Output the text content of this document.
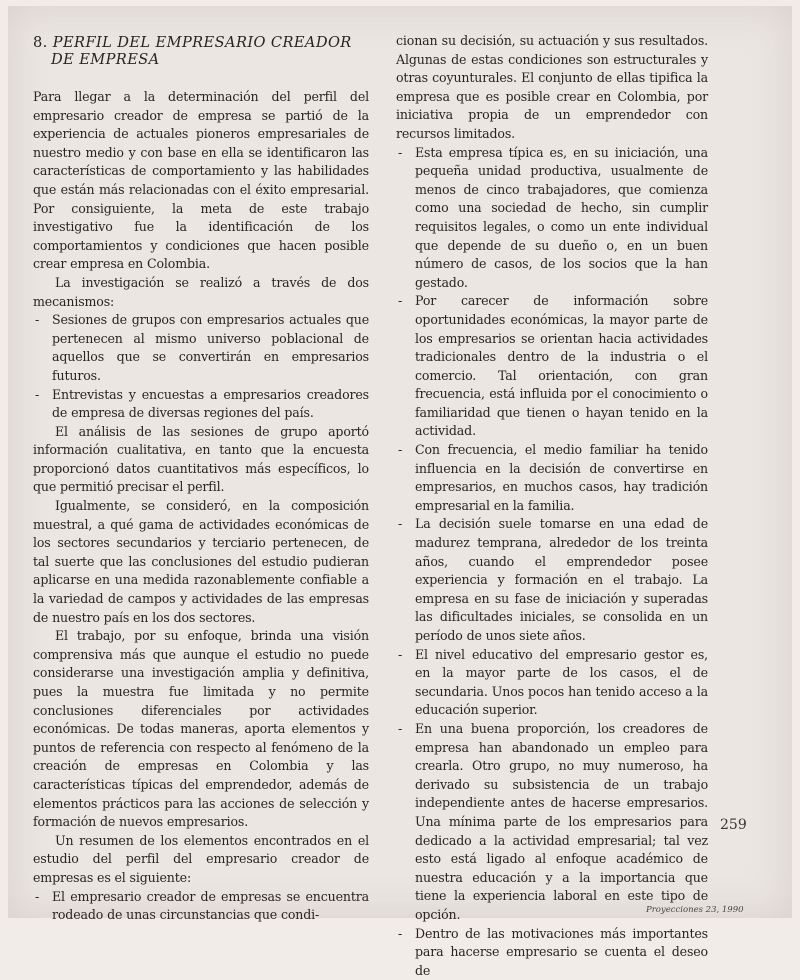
8. PERFIL DEL EMPRESARIO CREADOR
DE EMPRESA

Para llegar a la determinación del perfil del empresario creador de empresa se partió de la experiencia de actuales pioneros empresariales de nuestro medio y con base en ella se identificaron las características de comportamiento y las habilidades que están más relacionadas con el éxito empresarial. Por consiguiente, la meta de este trabajo investigativo fue la identificación de los comportamientos y condiciones que hacen posible crear empresa en Colombia.

La investigación se realizó a través de dos mecanismos:

- Sesiones de grupos con empresarios actuales que pertenecen al mismo universo poblacional de aquellos que se convertirán en empresarios futuros.
- Entrevistas y encuestas a empresarios creadores de empresa de diversas regiones del país.

El análisis de las sesiones de grupo aportó información cualitativa, en tanto que la encuesta proporcionó datos cuantitativos más específicos, lo que permitió precisar el perfil.

Igualmente, se consideró, en la composición muestral, a qué gama de actividades económicas de los sectores secundarios y terciario pertenecen, de tal suerte que las conclusiones del estudio pudieran aplicarse en una medida razonablemente confiable a la variedad de campos y actividades de las empresas de nuestro país en los dos sectores.

El trabajo, por su enfoque, brinda una visión comprensiva más que aunque el estudio no puede considerarse una investigación amplia y definitiva, pues la muestra fue limitada y no permite conclusiones diferenciales por actividades económicas. De todas maneras, aporta elementos y puntos de referencia con respecto al fenómeno de la creación de empresas en Colombia y las características típicas del emprendedor, además de elementos prácticos para las acciones de selección y formación de nuevos empresarios.

Un resumen de los elementos encontrados en el estudio del perfil del empresario creador de empresas es el siguiente:

- El empresario creador de empresas se encuentra rodeado de unas circunstancias que condi-

cionan su decisión, su actuación y sus resultados. Algunas de estas condiciones son estructurales y otras coyunturales. El conjunto de ellas tipifica la empresa que es posible crear en Colombia, por iniciativa propia de un emprendedor con recursos limitados.

- Esta empresa típica es, en su iniciación, una pequeña unidad productiva, usualmente de menos de cinco trabajadores, que comienza como una sociedad de hecho, sin cumplir requisitos legales, o como un ente individual que depende de su dueño o, en un buen número de casos, de los socios que la han gestado.
- Por carecer de información sobre oportunidades económicas, la mayor parte de los empresarios se orientan hacia actividades tradicionales dentro de la industria o el comercio. Tal orientación, con gran frecuencia, está influida por el conocimiento o familiaridad que tienen o hayan tenido en la actividad.
- Con frecuencia, el medio familiar ha tenido influencia en la decisión de convertirse en empresarios, en muchos casos, hay tradición empresarial en la familia.
- La decisión suele tomarse en una edad de madurez temprana, alrededor de los treinta años, cuando el emprendedor posee experiencia y formación en el trabajo. La empresa en su fase de iniciación y superadas las dificultades iniciales, se consolida en un período de unos siete años.
- El nivel educativo del empresario gestor es, en la mayor parte de los casos, el de secundaria. Unos pocos han tenido acceso a la educación superior.
- En una buena proporción, los creadores de empresa han abandonado un empleo para crearla. Otro grupo, no muy numeroso, ha derivado su subsistencia de un trabajo independiente antes de hacerse empresarios. Una mínima parte de los empresarios para dedicado a la actividad empresarial; tal vez esto está ligado al enfoque académico de nuestra educación y a la importancia que tiene la experiencia laboral en este tipo de opción.
- Dentro de las motivaciones más importantes para hacerse empresario se cuenta el deseo de
259
Proyecciones 23, 1990
